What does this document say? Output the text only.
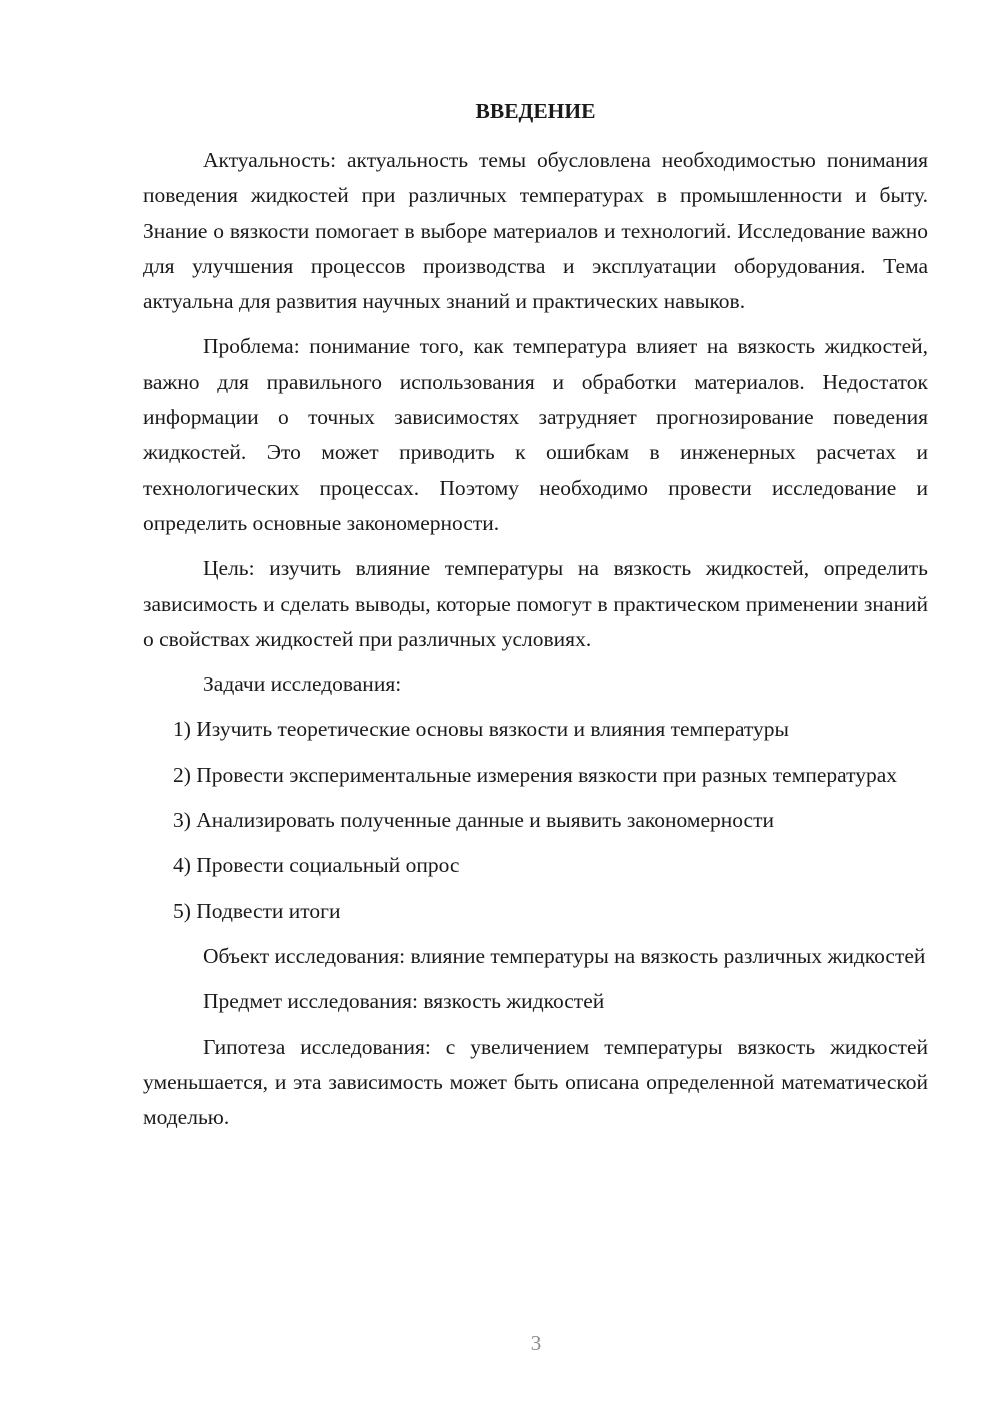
ВВЕДЕНИЕ

Актуальность: актуальность темы обусловлена необходимостью понимания поведения жидкостей при различных температурах в промышленности и быту. Знание о вязкости помогает в выборе материалов и технологий. Исследование важно для улучшения процессов производства и эксплуатации оборудования. Тема актуальна для развития научных знаний и практических навыков.

Проблема: понимание того, как температура влияет на вязкость жидкостей, важно для правильного использования и обработки материалов. Недостаток информации о точных зависимостях затрудняет прогнозирование поведения жидкостей. Это может приводить к ошибкам в инженерных расчетах и технологических процессах. Поэтому необходимо провести исследование и определить основные закономерности.

Цель: изучить влияние температуры на вязкость жидкостей, определить зависимость и сделать выводы, которые помогут в практическом применении знаний о свойствах жидкостей при различных условиях.

Задачи исследования:

1) Изучить теоретические основы вязкости и влияния температуры

2) Провести экспериментальные измерения вязкости при разных температурах

3) Анализировать полученные данные и выявить закономерности

4) Провести социальный опрос

5) Подвести итоги

Объект исследования: влияние температуры на вязкость различных жидкостей

Предмет исследования: вязкость жидкостей

Гипотеза исследования: с увеличением температуры вязкость жидкостей уменьшается, и эта зависимость может быть описана определенной математической моделью.

3
